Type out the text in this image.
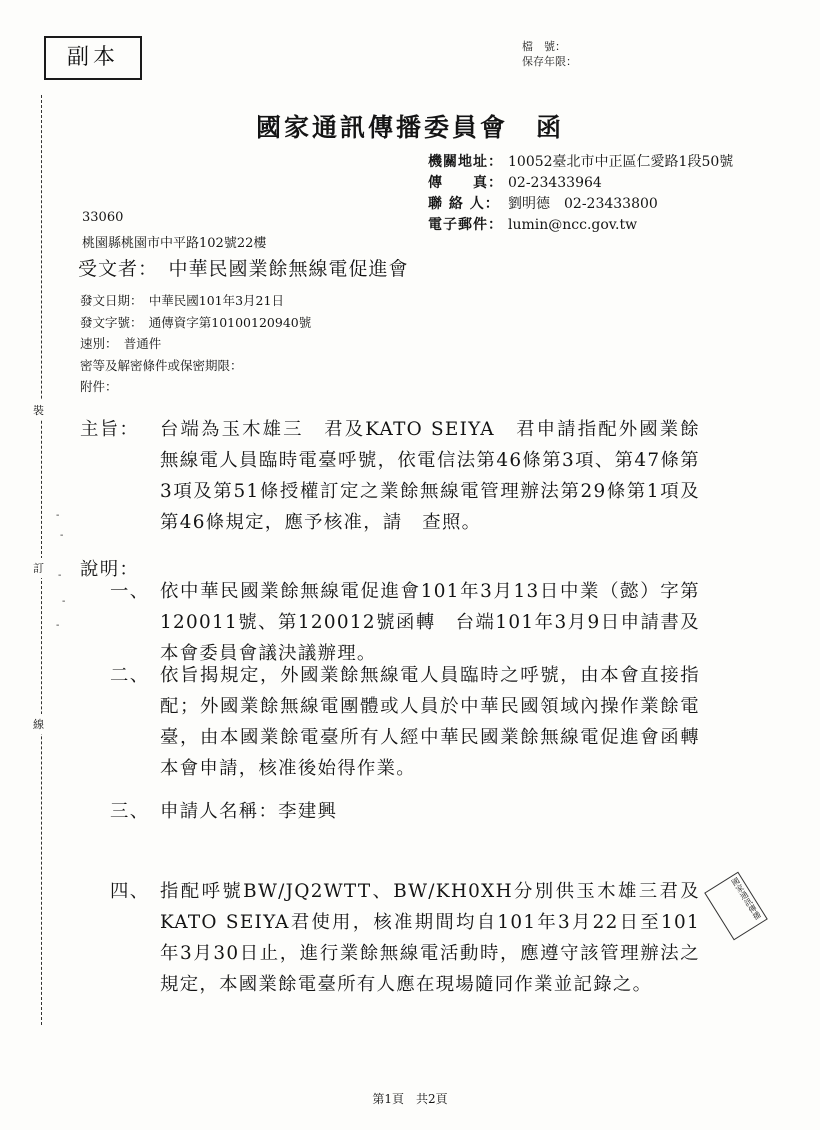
副本	檔　號：
保存年限：
國家通訊傳播委員會　函
機關地址： 10052臺北市中正區仁愛路1段50號
傳　　真： 02-23433964
聯 絡 人： 劉明德　02-23433800
電子郵件： lumin@ncc.gov.tw
33060
桃園縣桃園市中平路102號22樓
受文者：　中華民國業餘無線電促進會
發文日期：　中華民國101年3月21日
發文字號：　通傳資字第10100120940號
速別：　普通件
密等及解密條件或保密期限：
附件：
主旨： 台端為玉木雄三　君及KATO SEIYA　君申請指配外國業餘無線電人員臨時電臺呼號，依電信法第46條第3項、第47條第3項及第51條授權訂定之業餘無線電管理辦法第29條第1項及第46條規定，應予核准，請　查照。
說明：
一、 依中華民國業餘無線電促進會101年3月13日中業（懿）字第120011號、第120012號函轉　台端101年3月9日申請書及本會委員會議決議辦理。
二、 依旨揭規定，外國業餘無線電人員臨時之呼號，由本會直接指配；外國業餘無線電團體或人員於中華民國領域內操作業餘電臺，由本國業餘電臺所有人經中華民國業餘無線電促進會函轉本會申請，核准後始得作業。
三、 申請人名稱：李建興
四、 指配呼號BW/JQ2WTT、BW/KH0XH分別供玉木雄三君及KATO SEIYA君使用，核准期間均自101年3月22日至101年3月30日止，進行業餘無線電活動時，應遵守該管理辦法之規定，本國業餘電臺所有人應在現場隨同作業並記錄之。
裝
訂
線
-
-
-
-
-
國家通訊傳播
第1頁　共2頁
